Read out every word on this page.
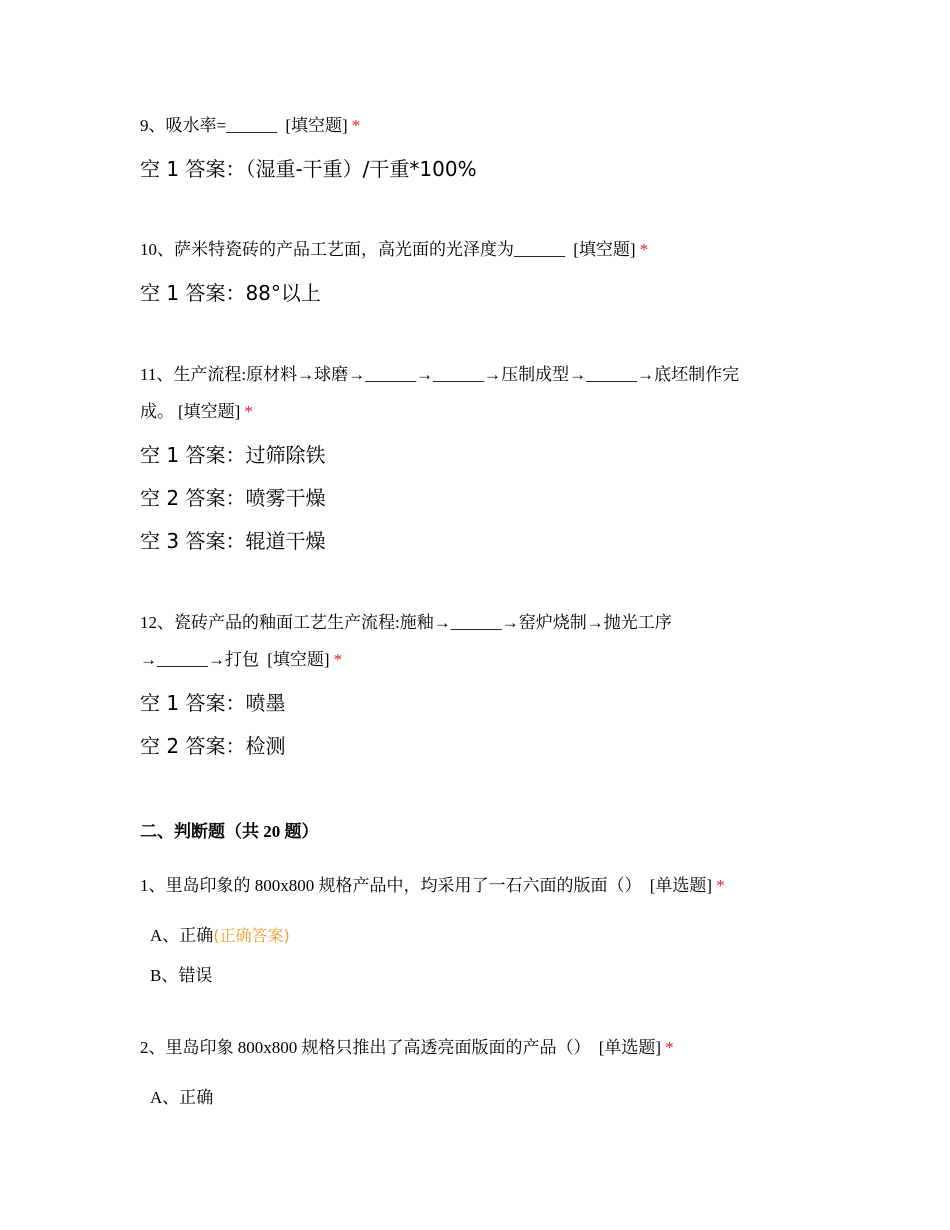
9、吸水率=______ [填空题] *
空 1 答案：（湿重-干重）/干重*100%
10、萨米特瓷砖的产品工艺面，高光面的光泽度为______ [填空题] *
空 1 答案：88°以上
11、生产流程:原材料→球磨→______→______→压制成型→______→底坯制作完
成。 [填空题] *
空 1 答案：过筛除铁
空 2 答案：喷雾干燥
空 3 答案：辊道干燥
12、瓷砖产品的釉面工艺生产流程:施釉→______→窑炉烧制→抛光工序
→______→打包 [填空题] *
空 1 答案：喷墨
空 2 答案：检测
二、判断题（共 20 题）
1、里岛印象的 800x800 规格产品中，均采用了一石六面的版面（） [单选题] *
A、正确(正确答案)
B、错误
2、里岛印象 800x800 规格只推出了高透亮面版面的产品（） [单选题] *
A、正确
